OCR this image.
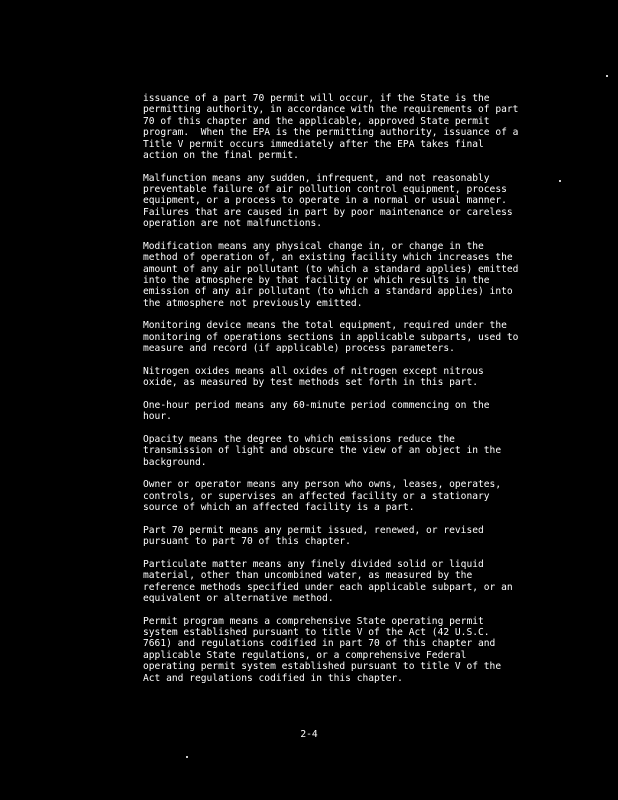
issuance of a part 70 permit will occur, if the State is the
permitting authority, in accordance with the requirements of part
70 of this chapter and the applicable, approved State permit
program.  When the EPA is the permitting authority, issuance of a
Title V permit occurs immediately after the EPA takes final
action on the final permit.

Malfunction means any sudden, infrequent, and not reasonably
preventable failure of air pollution control equipment, process
equipment, or a process to operate in a normal or usual manner.
Failures that are caused in part by poor maintenance or careless
operation are not malfunctions.

Modification means any physical change in, or change in the
method of operation of, an existing facility which increases the
amount of any air pollutant (to which a standard applies) emitted
into the atmosphere by that facility or which results in the
emission of any air pollutant (to which a standard applies) into
the atmosphere not previously emitted.

Monitoring device means the total equipment, required under the
monitoring of operations sections in applicable subparts, used to
measure and record (if applicable) process parameters.

Nitrogen oxides means all oxides of nitrogen except nitrous
oxide, as measured by test methods set forth in this part.

One-hour period means any 60-minute period commencing on the
hour.

Opacity means the degree to which emissions reduce the
transmission of light and obscure the view of an object in the
background.

Owner or operator means any person who owns, leases, operates,
controls, or supervises an affected facility or a stationary
source of which an affected facility is a part.

Part 70 permit means any permit issued, renewed, or revised
pursuant to part 70 of this chapter.

Particulate matter means any finely divided solid or liquid
material, other than uncombined water, as measured by the
reference methods specified under each applicable subpart, or an
equivalent or alternative method.

Permit program means a comprehensive State operating permit
system established pursuant to title V of the Act (42 U.S.C.
7661) and regulations codified in part 70 of this chapter and
applicable State regulations, or a comprehensive Federal
operating permit system established pursuant to title V of the
Act and regulations codified in this chapter.

2-4
